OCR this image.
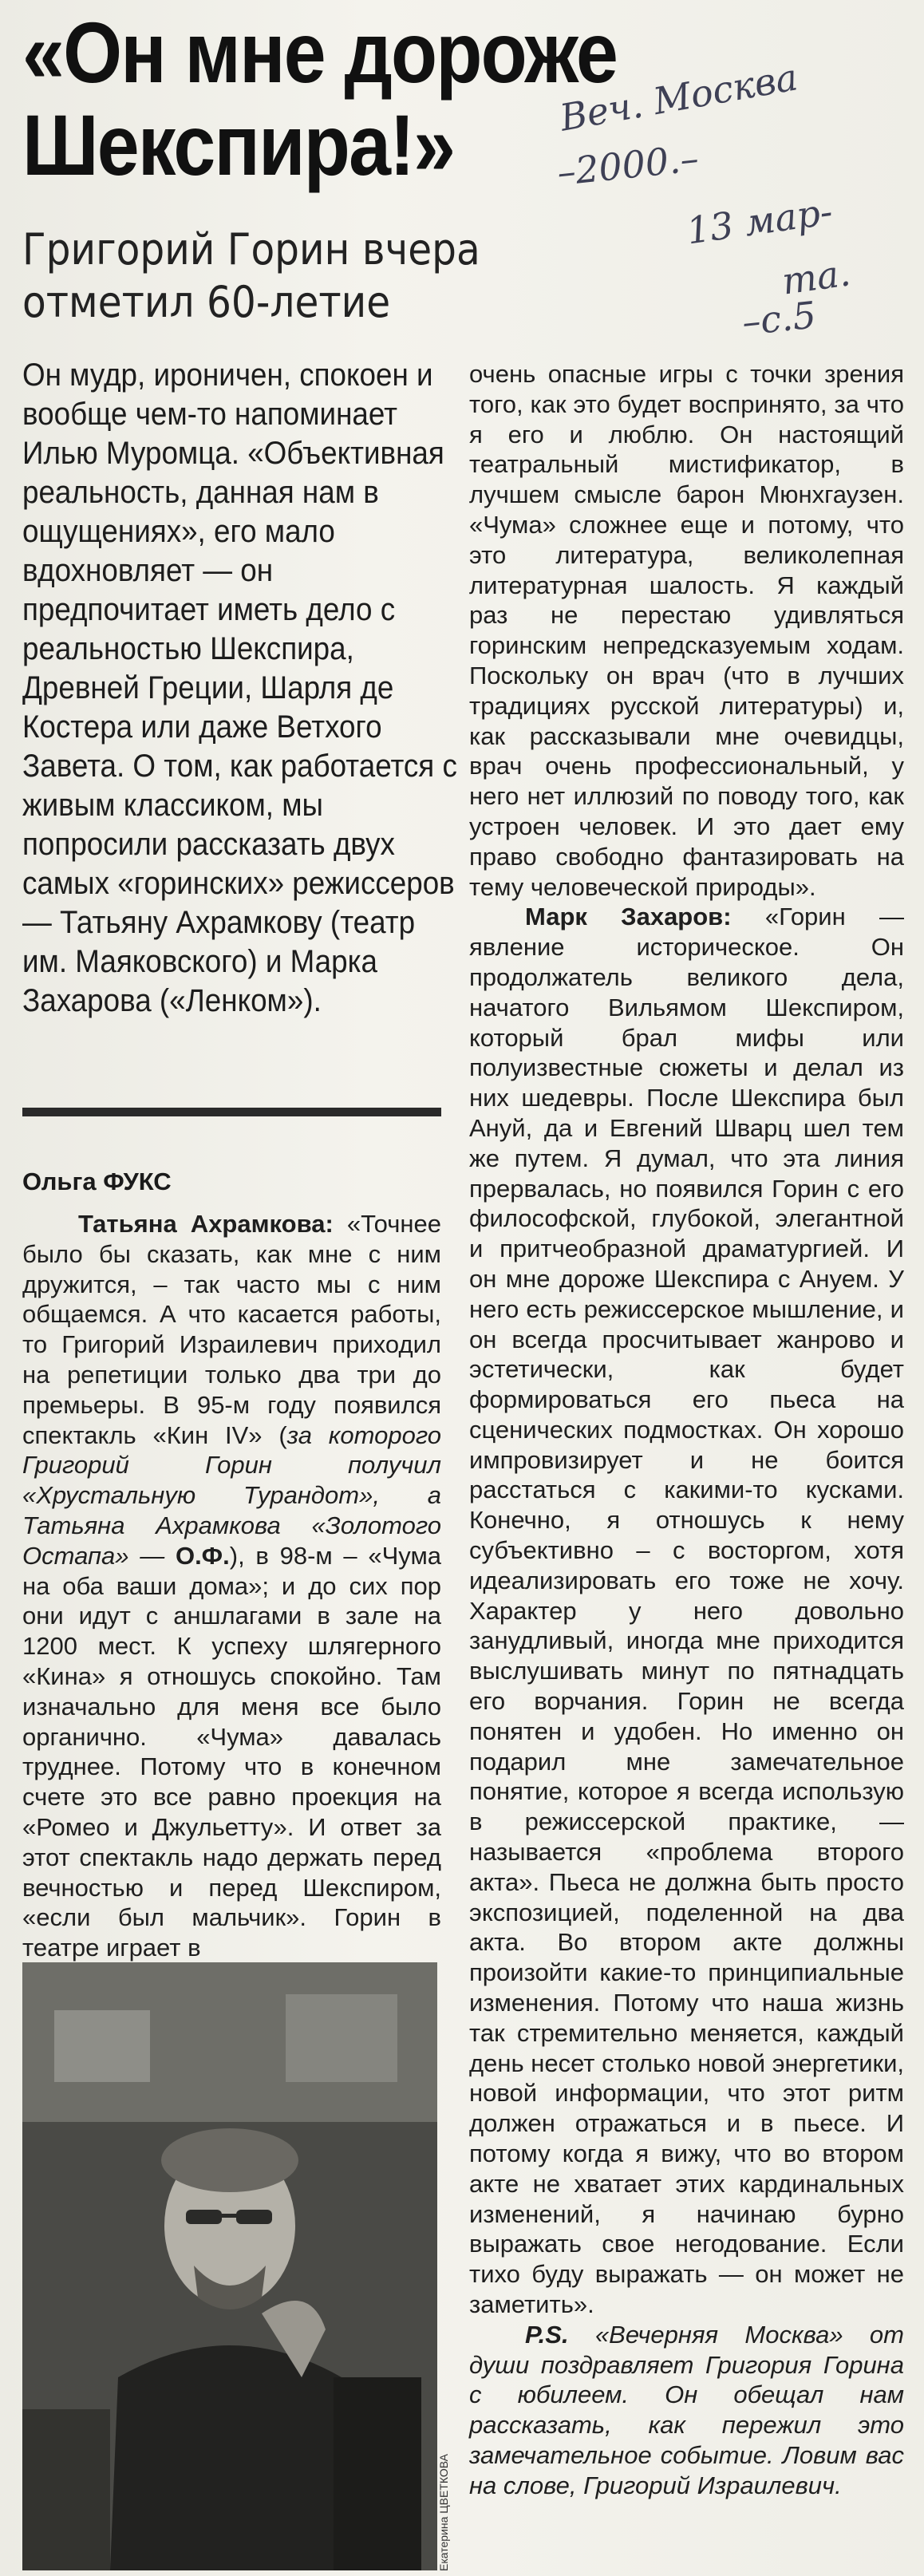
«Он мне дороже
Шекспира!»
Григорий Горин вчера
отметил 60-летие
Веч. Москва
–2000.–
13 мар-
та.
–с.5

Он мудр, ироничен, спокоен и вообще чем-то напоминает Илью Муромца. «Объективная реальность, данная нам в ощущениях», его мало вдохновляет — он предпочитает иметь дело с реальностью Шекспира, Древней Греции, Шарля де Костера или даже Ветхого Завета. О том, как работается с живым классиком, мы попросили рассказать двух самых «горинских» режиссеров — Татьяну Ахрамкову (театр им. Маяковского) и Марка Захарова («Ленком»).

Ольга ФУКС

Татьяна Ахрамкова: «Точнее было бы сказать, как мне с ним дружится, – так часто мы с ним общаемся. А что касается работы, то Григорий Израилевич приходил на репетиции только два три до премьеры. В 95-м году появился спектакль «Кин IV» (за которого Григорий Горин получил «Хрустальную Турандот», а Татьяна Ахрамкова «Золотого Остапа» — О.Ф.), в 98-м – «Чума на оба ваши дома»; и до сих пор они идут с аншлагами в зале на 1200 мест. К успеху шлягерного «Кина» я отношусь спокойно. Там изначально для меня все было органично. «Чума» давалась труднее. Потому что в конечном счете это все равно проекция на «Ромео и Джульетту». И ответ за этот спектакль надо держать перед вечностью и перед Шекспиром, «если был мальчик». Горин в театре играет в

Екатерина ЦВЕТКОВА

очень опасные игры с точки зрения того, как это будет воспринято, за что я его и люблю. Он настоящий театральный мистификатор, в лучшем смысле барон Мюнхгаузен. «Чума» сложнее еще и потому, что это литература, великолепная литературная шалость. Я каждый раз не перестаю удивляться горинским непредсказуемым ходам. Поскольку он врач (что в лучших традициях русской литературы) и, как рассказывали мне очевидцы, врач очень профессиональный, у него нет иллюзий по поводу того, как устроен человек. И это дает ему право свободно фантазировать на тему человеческой природы».

Марк Захаров: «Горин — явление историческое. Он продолжатель великого дела, начатого Вильямом Шекспиром, который брал мифы или полуизвестные сюжеты и делал из них шедевры. После Шекспира был Ануй, да и Евгений Шварц шел тем же путем. Я думал, что эта линия прервалась, но появился Горин с его философской, глубокой, элегантной и притчеобразной драматургией. И он мне дороже Шекспира с Ануем. У него есть режиссерское мышление, и он всегда просчитывает жанрово и эстетически, как будет формироваться его пьеса на сценических подмостках. Он хорошо импровизирует и не боится расстаться с какими-то кусками. Конечно, я отношусь к нему субъективно – с восторгом, хотя идеализировать его тоже не хочу. Характер у него довольно занудливый, иногда мне приходится выслушивать минут по пятнадцать его ворчания. Горин не всегда понятен и удобен. Но именно он подарил мне замечательное понятие, которое я всегда использую в режиссерской практике, — называется «проблема второго акта». Пьеса не должна быть просто экспозицией, поделенной на два акта. Во втором акте должны произойти какие-то принципиальные изменения. Потому что наша жизнь так стремительно меняется, каждый день несет столько новой энергетики, новой информации, что этот ритм должен отражаться и в пьесе. И потому когда я вижу, что во втором акте не хватает этих кардинальных изменений, я начинаю бурно выражать свое негодование. Если тихо буду выражать — он может не заметить».

P.S. «Вечерняя Москва» от души поздравляет Григория Горина с юбилеем. Он обещал нам рассказать, как пережил это замечательное событие. Ловим вас на слове, Григорий Израилевич.
